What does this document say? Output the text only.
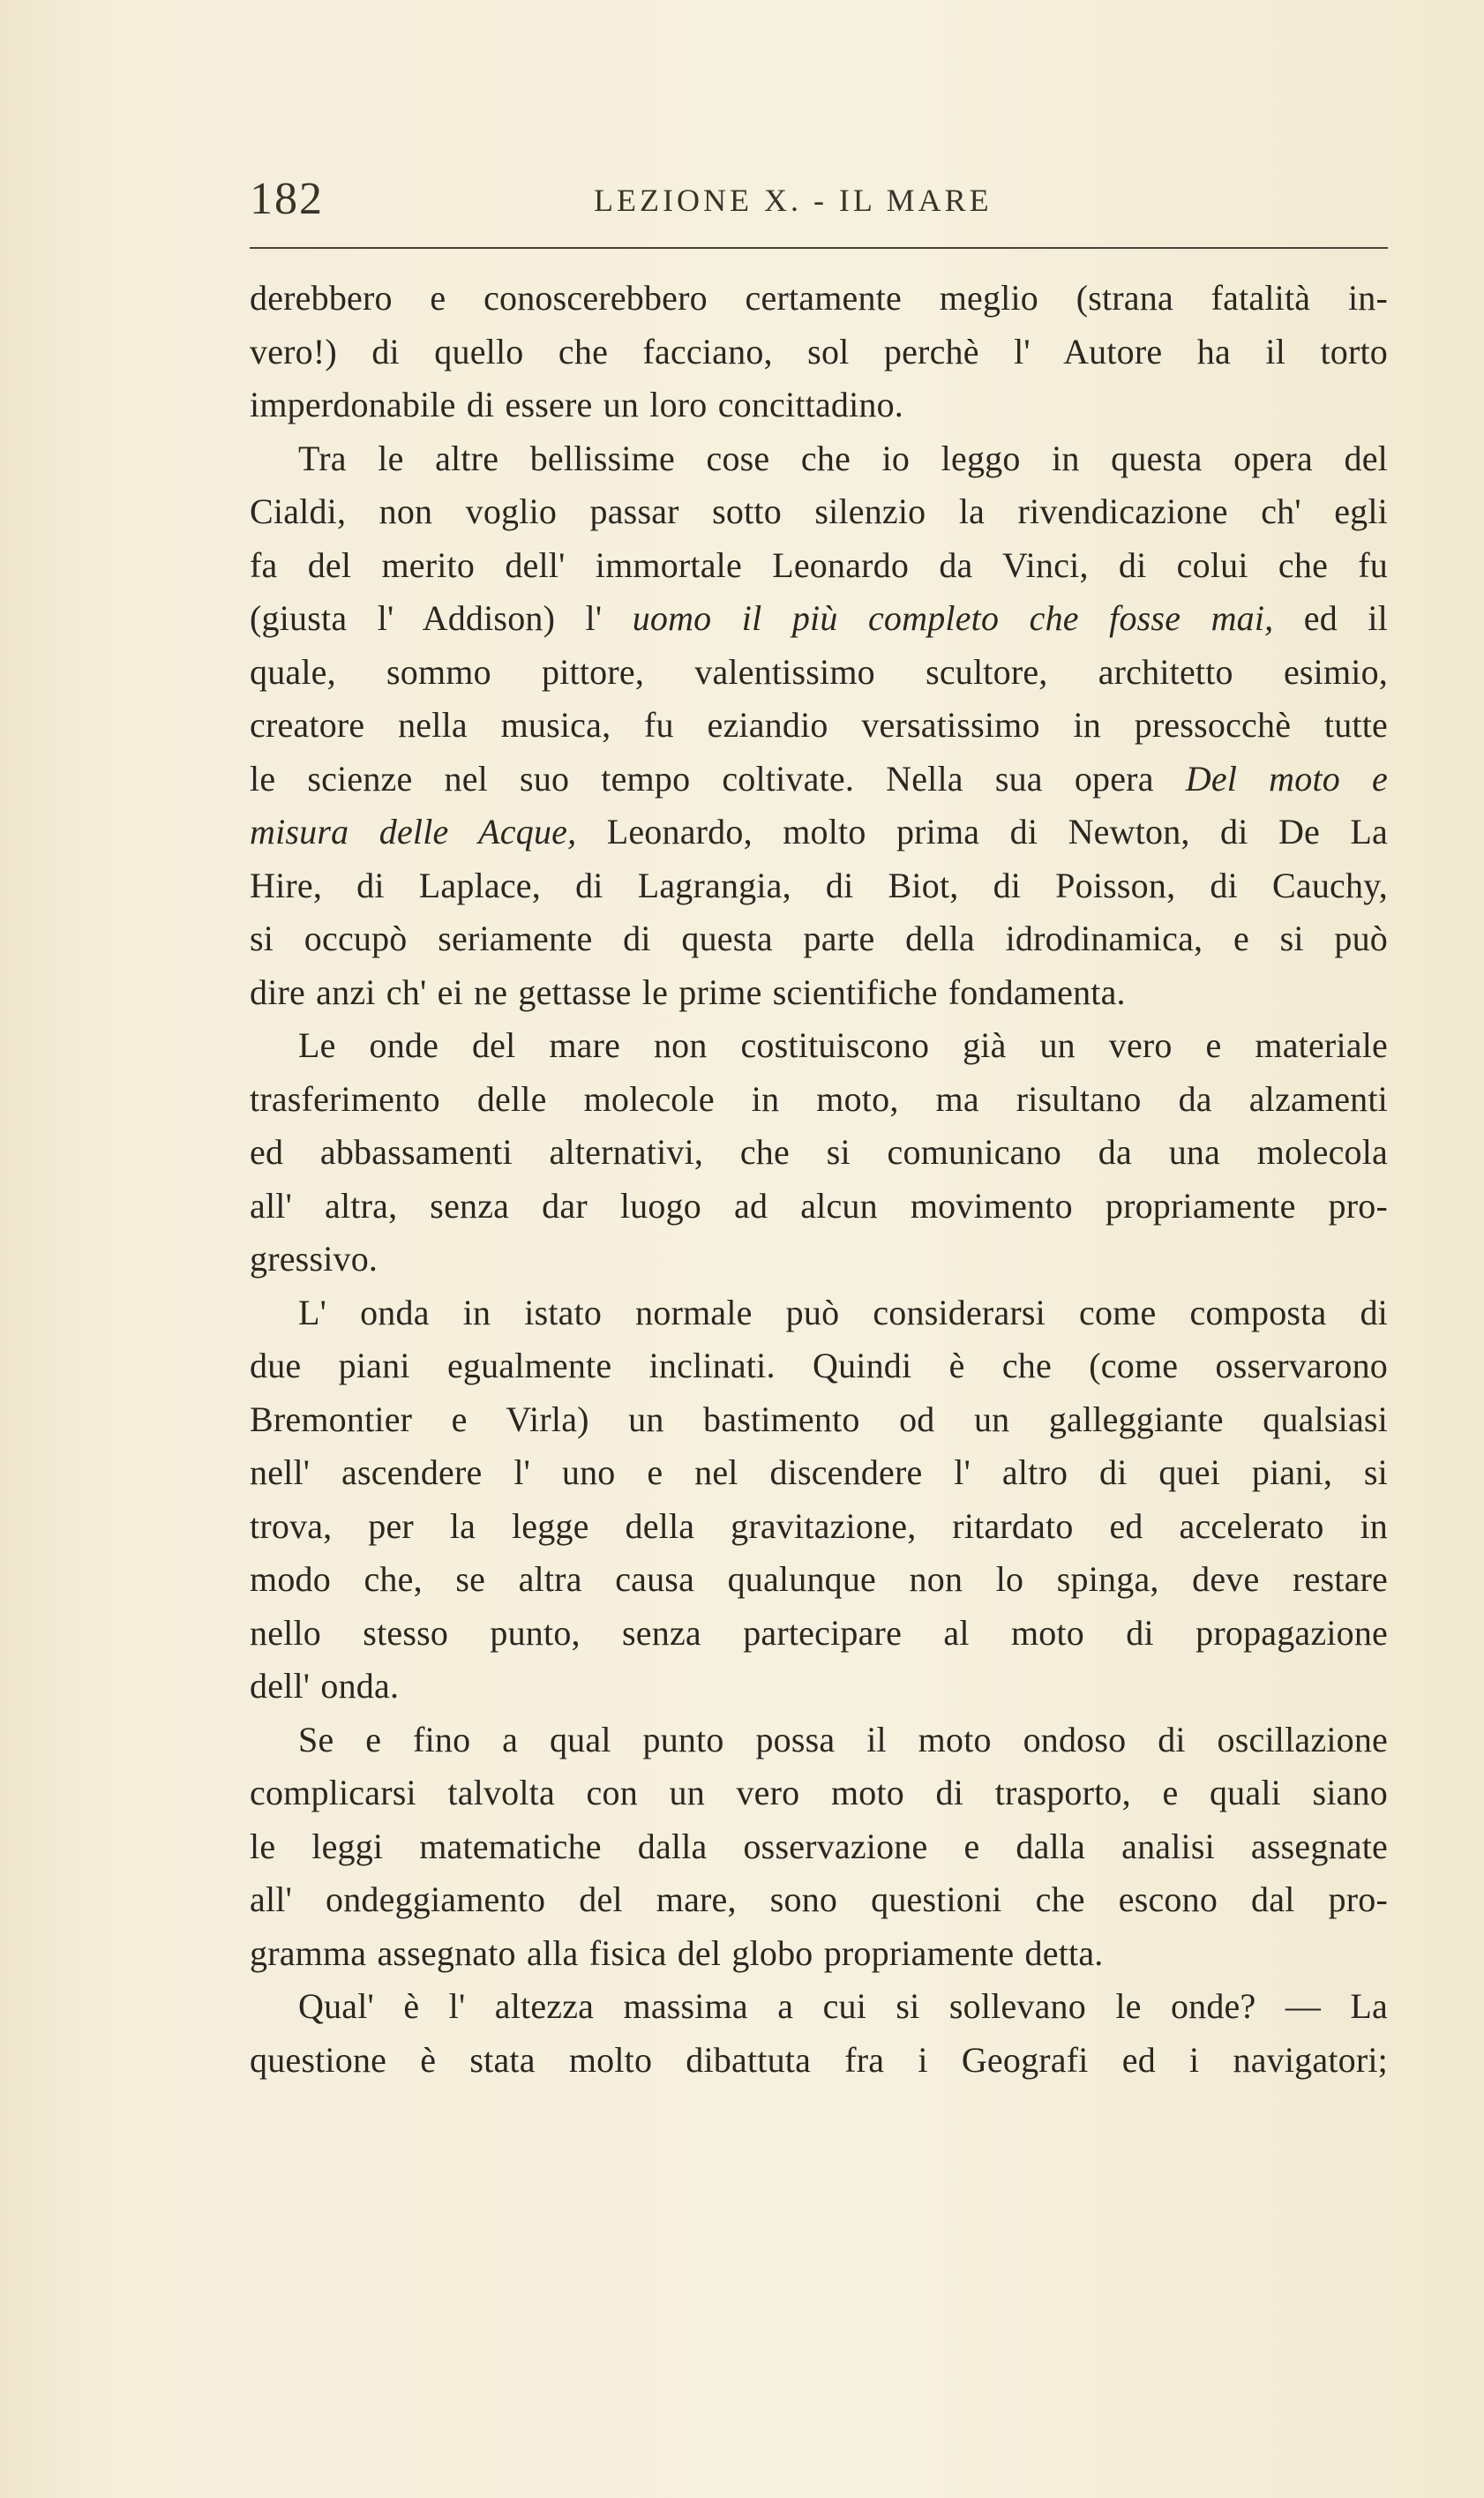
182	LEZIONE X. - IL MARE
derebbero e conoscerebbero certamente meglio (strana fatalità in-
vero!) di quello che facciano, sol perchè l' Autore ha il torto
imperdonabile di essere un loro concittadino.
Tra le altre bellissime cose che io leggo in questa opera del
Cialdi, non voglio passar sotto silenzio la rivendicazione ch' egli
fa del merito dell' immortale Leonardo da Vinci, di colui che fu
(giusta l' Addison) l' uomo il più completo che fosse mai, ed il
quale, sommo pittore, valentissimo scultore, architetto esimio,
creatore nella musica, fu eziandio versatissimo in pressocchè tutte
le scienze nel suo tempo coltivate. Nella sua opera Del moto e
misura delle Acque, Leonardo, molto prima di Newton, di De La
Hire, di Laplace, di Lagrangia, di Biot, di Poisson, di Cauchy,
si occupò seriamente di questa parte della idrodinamica, e si può
dire anzi ch' ei ne gettasse le prime scientifiche fondamenta.
Le onde del mare non costituiscono già un vero e materiale
trasferimento delle molecole in moto, ma risultano da alzamenti
ed abbassamenti alternativi, che si comunicano da una molecola
all' altra, senza dar luogo ad alcun movimento propriamente pro-
gressivo.
L' onda in istato normale può considerarsi come composta di
due piani egualmente inclinati. Quindi è che (come osservarono
Bremontier e Virla) un bastimento od un galleggiante qualsiasi
nell' ascendere l' uno e nel discendere l' altro di quei piani, si
trova, per la legge della gravitazione, ritardato ed accelerato in
modo che, se altra causa qualunque non lo spinga, deve restare
nello stesso punto, senza partecipare al moto di propagazione
dell' onda.
Se e fino a qual punto possa il moto ondoso di oscillazione
complicarsi talvolta con un vero moto di trasporto, e quali siano
le leggi matematiche dalla osservazione e dalla analisi assegnate
all' ondeggiamento del mare, sono questioni che escono dal pro-
gramma assegnato alla fisica del globo propriamente detta.
Qual' è l' altezza massima a cui si sollevano le onde? — La
questione è stata molto dibattuta fra i Geografi ed i navigatori;
